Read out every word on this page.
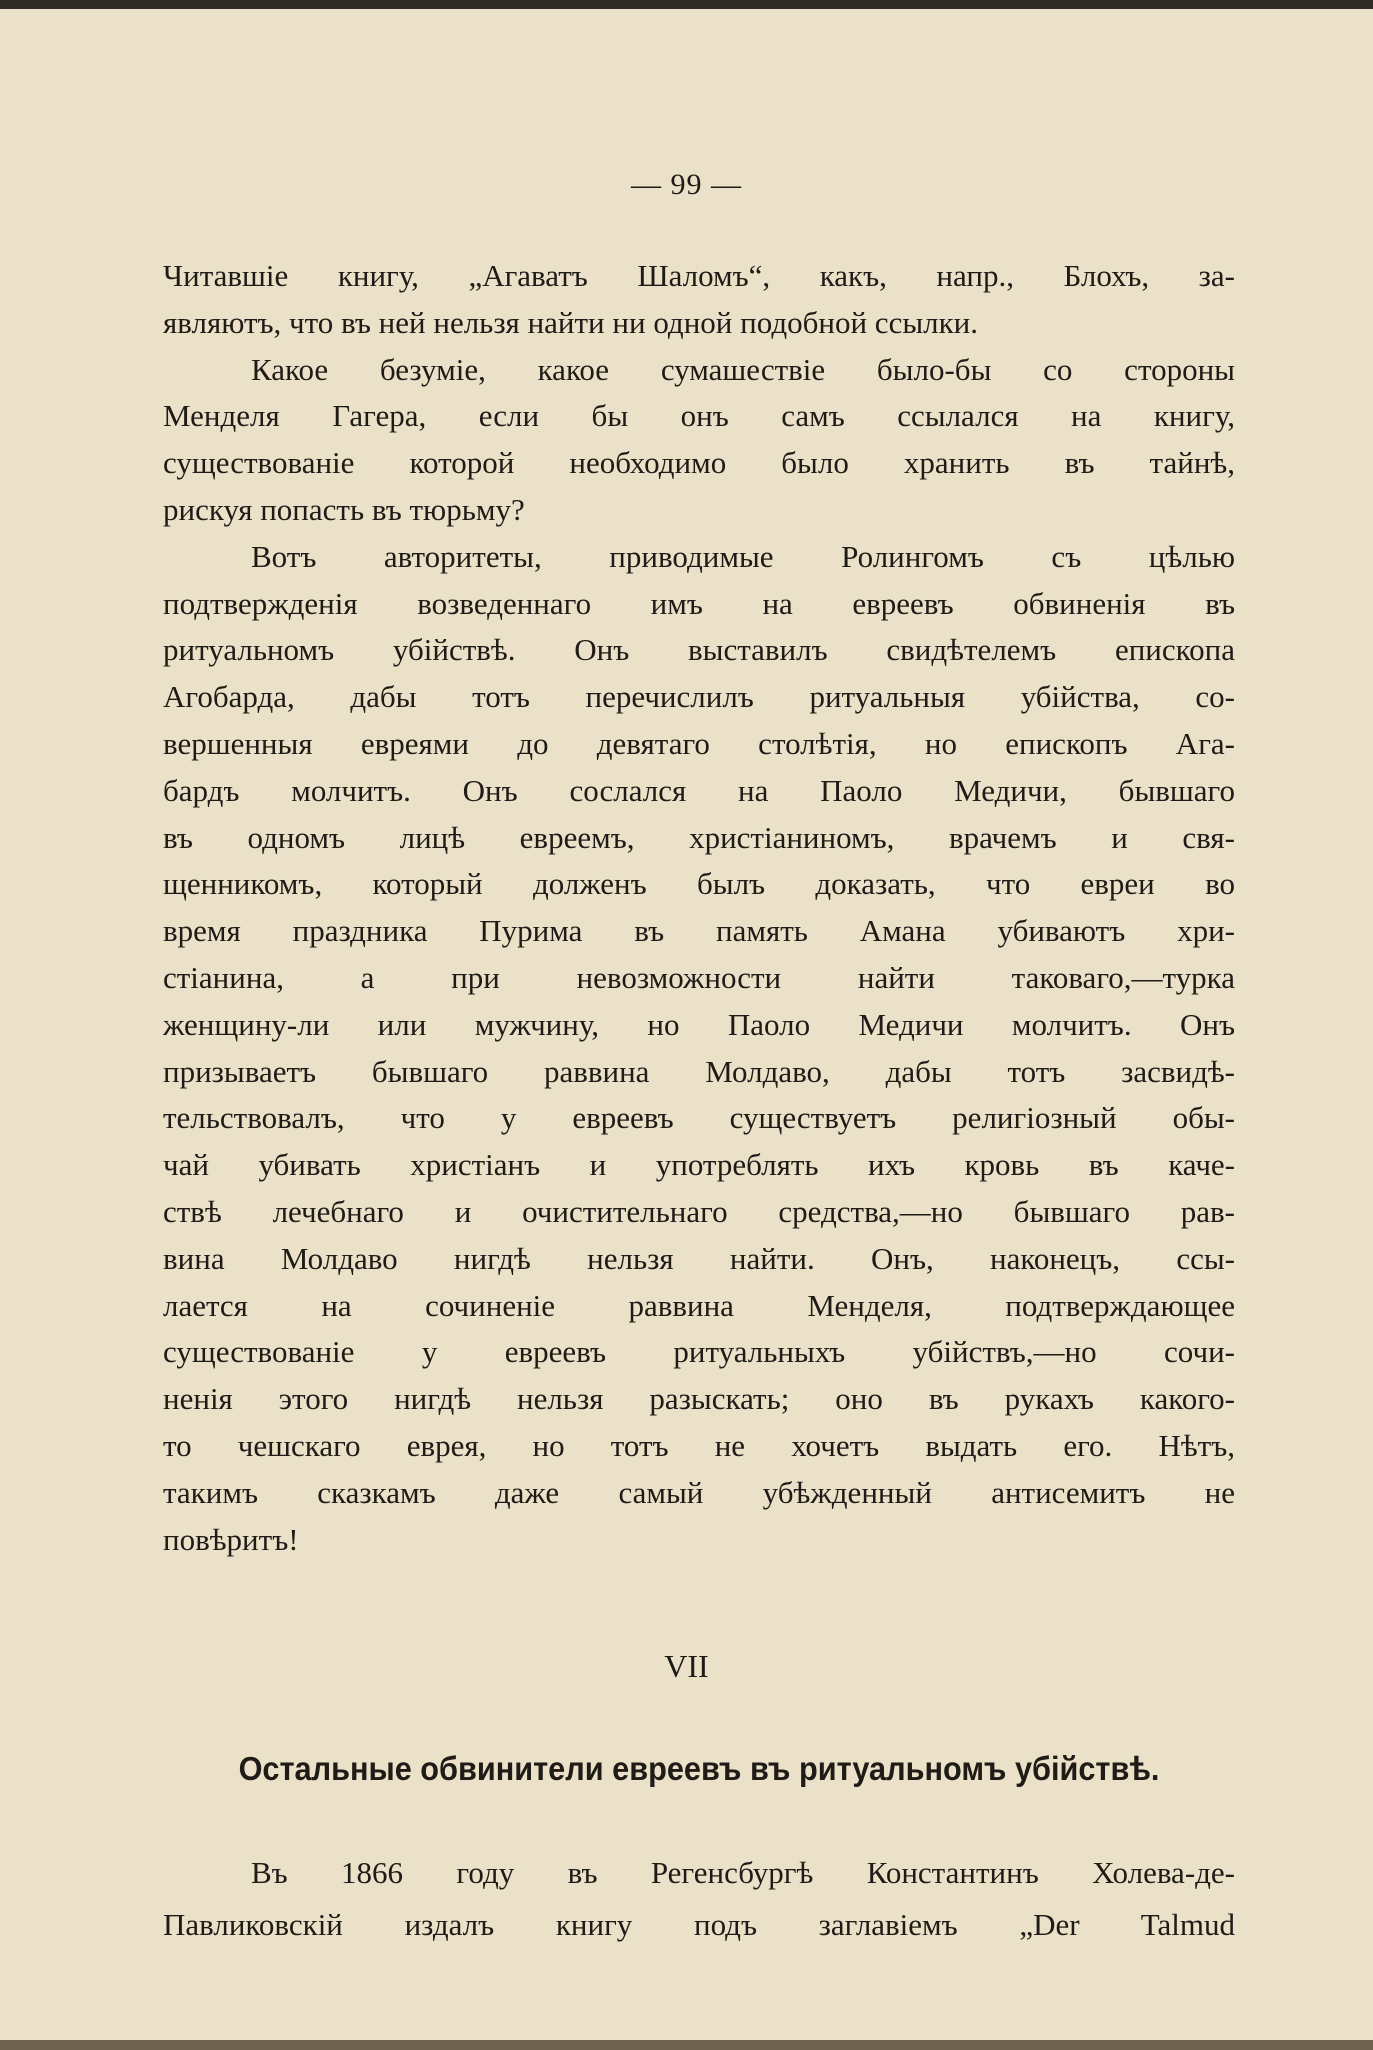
— 99 —
Читавшіе книгу, „Агаватъ Шаломъ“, какъ, напр., Блохъ, за-
являютъ, что въ ней нельзя найти ни одной подобной ссылки.
Какое безуміе, какое сумашествіе было-бы со стороны
Менделя Гагера, если бы онъ самъ ссылался на книгу,
существованіе которой необходимо было хранить въ тайнѣ,
рискуя попасть въ тюрьму?
Вотъ авторитеты, приводимые Ролингомъ съ цѣлью
подтвержденія возведеннаго имъ на евреевъ обвиненія въ
ритуальномъ убійствѣ. Онъ выставилъ свидѣтелемъ епископа
Агобарда, дабы тотъ перечислилъ ритуальныя убійства, со-
вершенныя евреями до девятаго столѣтія, но епископъ Ага-
бардъ молчитъ. Онъ сослался на Паоло Медичи, бывшаго
въ одномъ лицѣ евреемъ, христіаниномъ, врачемъ и свя-
щенникомъ, который долженъ былъ доказать, что евреи во
время праздника Пурима въ память Амана убиваютъ хри-
стіанина, а при невозможности найти таковаго,—турка
женщину-ли или мужчину, но Паоло Медичи молчитъ. Онъ
призываетъ бывшаго раввина Молдаво, дабы тотъ засвидѣ-
тельствовалъ, что у евреевъ существуетъ религіозный обы-
чай убивать христіанъ и употреблять ихъ кровь въ каче-
ствѣ лечебнаго и очистительнаго средства,—но бывшаго рав-
вина Молдаво нигдѣ нельзя найти. Онъ, наконецъ, ссы-
лается на сочиненіе раввина Менделя, подтверждающее
существованіе у евреевъ ритуальныхъ убійствъ,—но сочи-
ненія этого нигдѣ нельзя разыскать; оно въ рукахъ какого-
то чешскаго еврея, но тотъ не хочетъ выдать его. Нѣтъ,
такимъ сказкамъ даже самый убѣжденный антисемитъ не
повѣритъ!
VII
Остальные обвинители евреевъ въ ритуальномъ убійствѣ.
Въ 1866 году въ Регенсбургѣ Константинъ Холева-де-
Павликовскій издалъ книгу подъ заглавіемъ „Der Talmud
